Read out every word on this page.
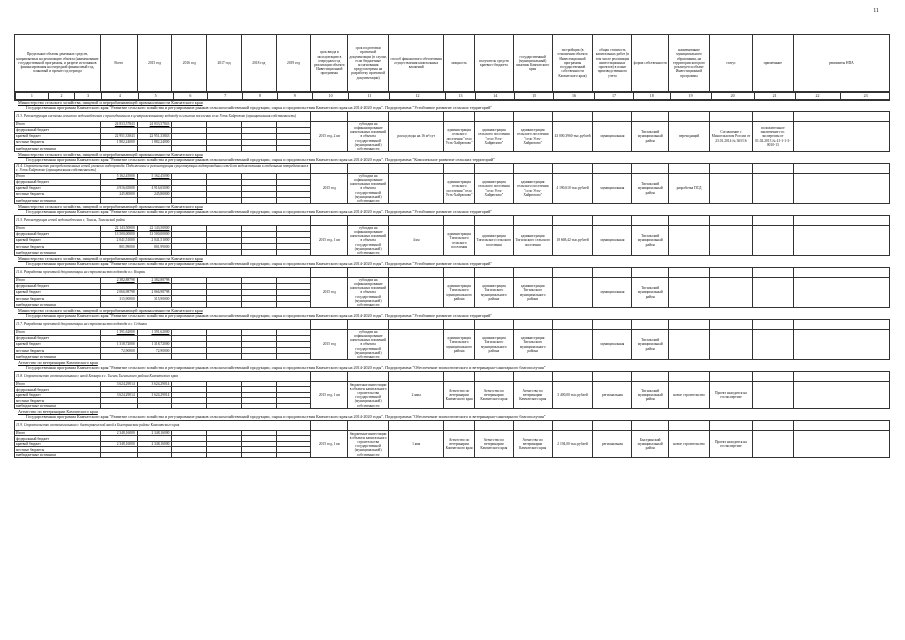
11
Предельные объемы денежных средств, направляемых на реализацию объекта (наименование государственной программы, и разрезе источников финансирования на очередной финансовый год, плановый и прочие год периода	Всего	2015 год	2016 год	2017 год	2018 год	2019 год	срок ввода в эксплуатацию в очередном год реализации объекта Инвестиционной программы	срок подготовки проектной документации (в случае, если бюджетные ассигнования предусмотрены на разработку проектной документации)	способ финансового обеспечения осуществления капитальных вложений	мощность	получатель средств краевого бюджета	государственный (муниципальный) заказчик Камчатского края	застройщик (в отношении объекта Инвестиционной программы государственной собственности Камчатского края)	общая стоимость капитальных работ (в том числе реализация инвестиционных проектов) в плане производственного учета	форма собственности	наименование муниципального образования, на территории которого реализуется объект Инвестиционной программы	статус	примечание	реквизиты НПА

1	2	3	4	5	6	7	8	9	10	11	12	13	14	15	16	17	18	19	20	21	22	23
Министерство сельского хозяйства, пищевой и перерабатывающей промышленности Камчатского края
Государственная программа Камчатского края "Развитие сельского хозяйства и регулирование рынков сельскохозяйственной продукции, сырья и продовольствия Камчатского края на 2014-2020 годы". Подпрограмма "Устойчивое развитие сельских территорий"
11.3. Реконструкция системы сельского водоснабжения с присоединением к централизованному водоводу в сельском поселении села Усть-Хайрюзово (муниципальная собственность)																			
Итого	24 833,57843	24 833,57843					2015 год, 2 кв	субсидии на софинансирование капитальных вложений в объекты государственной (муниципальной) собственности	расход воды на 16 м³/сут	администрация сельского поселения "село Усть-Хайрюзово"	администрация сельского поселения "село Усть-Хайрюзово"	администрация сельского поселения "село Усть-Хайрюзово"	43 000,3960 тыс.рублей	муниципальная	Тигильский муниципальный район	переходящий	Соглашение с Минсельхозом России от 23.01.2014 № 365/16	положительное заключение гос. экспертизы от 01.02.2013 № 41-1-1-3-0010-13	
федеральный бюджет																			
краевой бюджет	22 951,33843	22 951,33843																	
местные бюджеты	1 882,24000	1 882,24000																	
внебюджетные источники																			
Министерство сельского хозяйства, пищевой и перерабатывающей промышленности Камчатского края
Государственная программа Камчатского края "Развитие сельского хозяйства и регулирование рынков сельскохозяйственной продукции, сырья и продовольствия Камчатского края на 2014-2020 годы". Подпрограмма "Комплексное развитие сельских территорий"
11.4. Строительство распределительных сетей уличного водопровода. Подключение и реконструкция существующих водопроводных сетей от водоисточника к отдельным потребителям в с. Усть-Хайрюзово (муниципальная собственность)																			
Итого	5 162,45000	5 162,45000					2015 год	субсидии на софинансирование капитальных вложений в объекты государственной (муниципальной) собственности		администрация сельского поселения "село Усть-Хайрюзово"	администрация сельского поселения "село Усть-Хайрюзово"	администрация сельского поселения "село Усть-Хайрюзово"	4 190,610 тыс.рублей	муниципальная	Тигильский муниципальный район	разработка ПСД			
федеральный бюджет																			
краевой бюджет	4 916,65000	4 916,65000																	
местные бюджеты	245,80000	245,80000																	
внебюджетные источники																			
Министерство сельского хозяйства, пищевой и перерабатывающей промышленности Камчатского края
Государственная программа Камчатского края "Развитие сельского хозяйства и регулирование рынков сельскохозяйственной продукции, сырья и продовольствия Камчатского края на 2014-2020 годы". Подпрограмма "Устойчивое развитие сельских территорий"
11.5. Реконструкция сетей водоснабжения с. Тигиль, Тигильский район																			
Итого	22 143,50000	22 143,50000					2015 год, 1 кв	субсидии на софинансирование капитальных вложений в объекты государственной (муниципальной) собственности	4 км	администрация Тигильского сельского поселения	администрация Тигильского сельского поселения	администрация Тигильского сельского поселения	18 668,42 тыс.рублей	муниципальная	Тигильский муниципальный район				
федеральный бюджет	13 500,00000	13 500,00000																	
краевой бюджет	2 041,51000	2 041,51000																	
местные бюджеты	801,99000	801,99000																	
внебюджетные источники																			
Министерство сельского хозяйства, пищевой и перерабатывающей промышленности Камчатского края
Государственная программа Камчатского края "Развитие сельского хозяйства и регулирование рынков сельскохозяйственной продукции, сырья и продовольствия Камчатского края на 2014-2020 годы". Подпрограмма "Устойчивое развитие сельских территорий"
11.6. Разработка проектной документации на строительство водовода в с. Ковран																			
Итого	2 382,88798	2 382,88798					2015 год	субсидии на софинансирование капитальных вложений в объекты государственной (муниципальной) собственности		администрация Тигильского муниципального района	администрация Тигильского муниципального района	администрация Тигильского муниципального района		муниципальная	Тигильский муниципальный район				
федеральный бюджет																			
краевой бюджет	2 066,98798	2 066,98798																	
местные бюджеты	315,90000	315,90000																	
внебюджетные источники																			
Министерство сельского хозяйства, пищевой и перерабатывающей промышленности Камчатского края
Государственная программа Камчатского края "Развитие сельского хозяйства и регулирование рынков сельскохозяйственной продукции, сырья и продовольствия Камчатского края на 2014-2020 годы". Подпрограмма "Устойчивое развитие сельских территорий"
11.7. Разработка проектной документации на строительство водовода в с. Седанка																			
Итого	1 391,62000	1 391,62000					2015 год	субсидии на софинансирование капитальных вложений в объекты государственной (муниципальной) собственности		администрация Тигильского муниципального района	администрация Тигильского муниципального района	администрация Тигильского муниципального района		муниципальная	Тигильский муниципальный район				
федеральный бюджет																			
краевой бюджет	1 318,72000	1 318,72000																	
местные бюджеты	72,90000	72,90000																	
внебюджетные источники																			
Агентство по ветеринарии Камчатского края
Государственная программа Камчатского края "Развитие сельского хозяйства и регулирование рынков сельскохозяйственной продукции, сырья и продовольствия Камчатского края на 2014-2020 годы". Подпрограмма "Обеспечение эпизоотического и ветеринарно-санитарного благополучия"
11.8. Строительство скотомогильника с ямой Беккари в с. Тигиль Тигильского района Камчатского края																			
Итого	3 624,29014	3 624,29014					2015 год, 1 кв	бюджетные инвестиции в объекты капитального строительства государственной (муниципальной) собственности	2 ямы	Агентство по ветеринарии Камчатского края	Агентство по ветеринарии Камчатского края	Агентство по ветеринарии Камчатского края	3 400,00 тыс.рублей	региональная	Тигильский муниципальный район	новое строительство	Проект находится на госэкспертизе		
федеральный бюджет																			
краевой бюджет	3 624,29014	3 624,29014																	
местные бюджеты																			
внебюджетные источники																			
Агентство по ветеринарии Камчатского края
Государственная программа Камчатского края "Развитие сельского хозяйства и регулирование рынков сельскохозяйственной продукции, сырья и продовольствия Камчатского края на 2014-2020 годы". Подпрограмма "Обеспечение эпизоотического и ветеринарно-санитарного благополучия"
11.9. Строительство скотомогильника с биотермической ямой в Быстринском районе Камчатского края																			
Итого	2 348,16000	2 348,16000					2015 год, 1 кв	бюджетные инвестиции в объекты капитального строительства государственной (муниципальной) собственности	1 яма	Агентство по ветеринарии Камчатского края	Агентство по ветеринарии Камчатского края	Агентство по ветеринарии Камчатского края	2 194,00 тыс.рублей	региональная	Быстринский муниципальный район	новое строительство	Проект находится на госэкспертизе		
федеральный бюджет																			
краевой бюджет	2 348,16000	2 348,16000																	
местные бюджеты																			
внебюджетные источники																			
